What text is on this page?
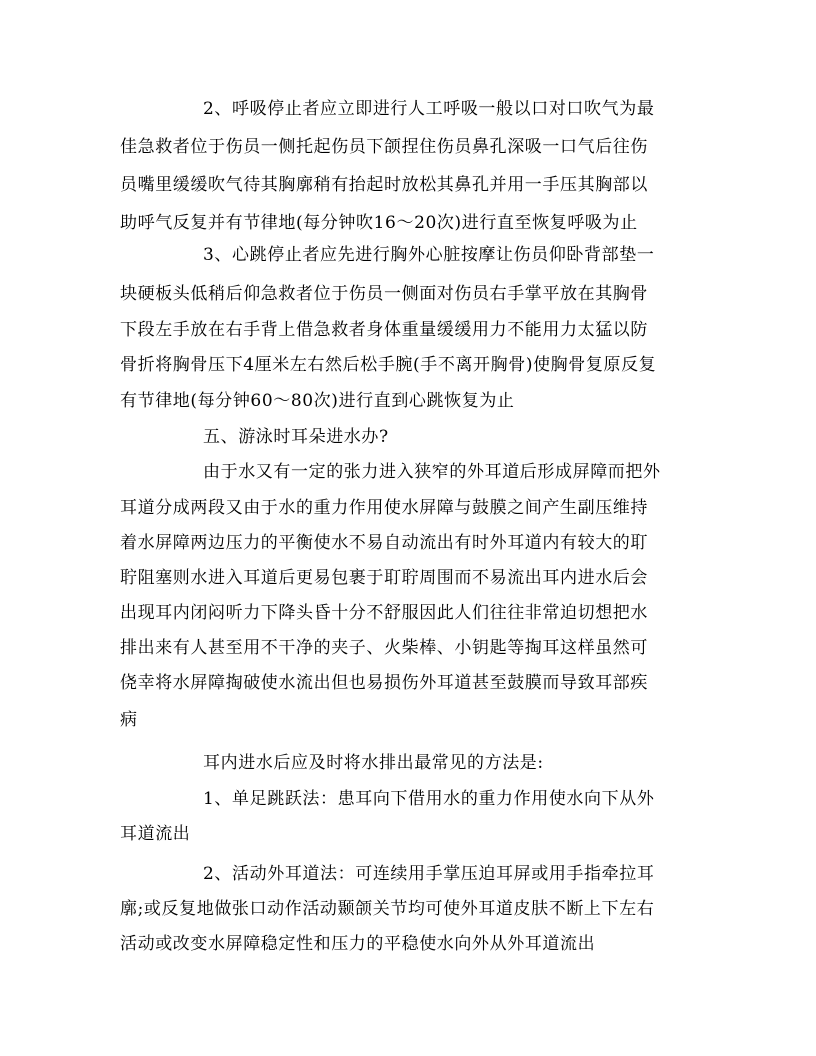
2、呼吸停止者应立即进行人工呼吸一般以口对口吹气为最
佳急救者位于伤员一侧托起伤员下颌捏住伤员鼻孔深吸一口气后往伤
员嘴里缓缓吹气待其胸廓稍有抬起时放松其鼻孔并用一手压其胸部以
助呼气反复并有节律地(每分钟吹16～20次)进行直至恢复呼吸为止
3、心跳停止者应先进行胸外心脏按摩让伤员仰卧背部垫一
块硬板头低稍后仰急救者位于伤员一侧面对伤员右手掌平放在其胸骨
下段左手放在右手背上借急救者身体重量缓缓用力不能用力太猛以防
骨折将胸骨压下4厘米左右然后松手腕(手不离开胸骨)使胸骨复原反复
有节律地(每分钟60～80次)进行直到心跳恢复为止
五、游泳时耳朵进水办?
由于水又有一定的张力进入狭窄的外耳道后形成屏障而把外
耳道分成两段又由于水的重力作用使水屏障与鼓膜之间产生副压维持
着水屏障两边压力的平衡使水不易自动流出有时外耳道内有较大的耵
聍阻塞则水进入耳道后更易包裹于耵聍周围而不易流出耳内进水后会
出现耳内闭闷听力下降头昏十分不舒服因此人们往往非常迫切想把水
排出来有人甚至用不干净的夹子、火柴棒、小钥匙等掏耳这样虽然可
侥幸将水屏障掏破使水流出但也易损伤外耳道甚至鼓膜而导致耳部疾
病
耳内进水后应及时将水排出最常见的方法是:
1、单足跳跃法：患耳向下借用水的重力作用使水向下从外
耳道流出
2、活动外耳道法：可连续用手掌压迫耳屏或用手指牵拉耳
廓;或反复地做张口动作活动颞颌关节均可使外耳道皮肤不断上下左右
活动或改变水屏障稳定性和压力的平稳使水向外从外耳道流出
